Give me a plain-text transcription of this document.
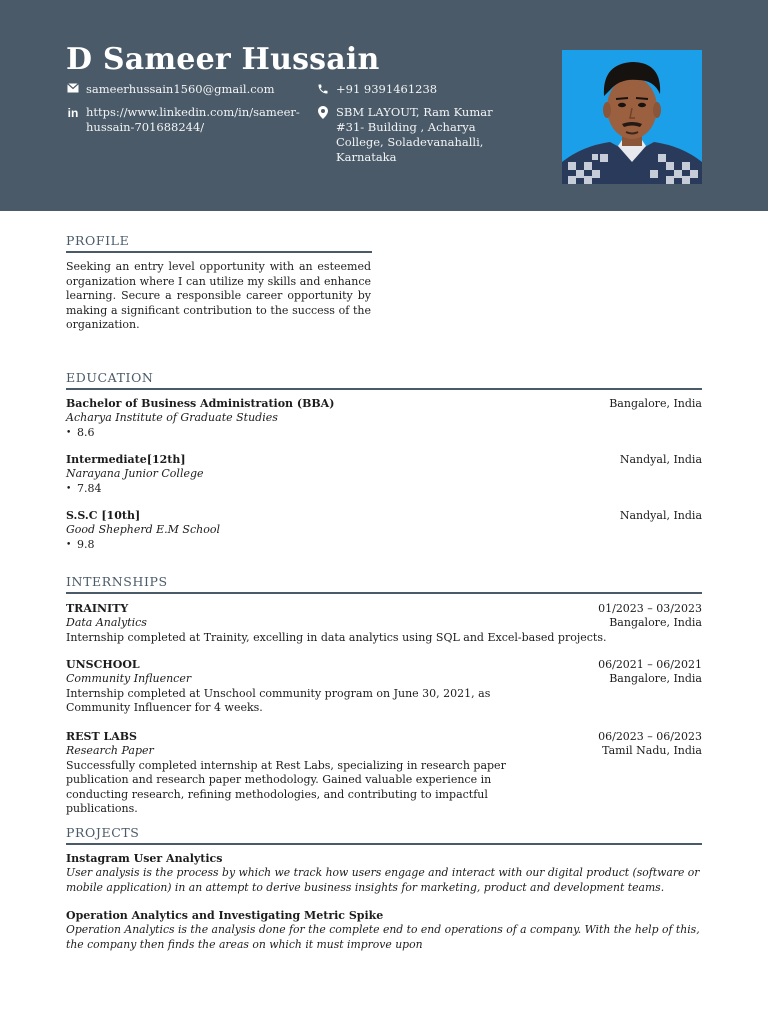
D Sameer Hussain
sameerhussain1560@gmail.com	+91 9391461238
in https://www.linkedin.com/in/sameer-hussain-701688244/
SBM LAYOUT, Ram Kumar #31- Building , Acharya College, Soladevanahalli, Karnataka
PROFILE
Seeking an entry level opportunity with an esteemed organization where I can utilize my skills and enhance learning. Secure a responsible career opportunity by making a significant contribution to the success of the organization.
EDUCATION
Bachelor of Business Administration (BBA)	Bangalore, India
Acharya Institute of Graduate Studies
• 8.6
Intermediate[12th]	Nandyal, India
Narayana Junior College
• 7.84
S.S.C [10th]	Nandyal, India
Good Shepherd E.M School
• 9.8
INTERNSHIPS
TRAINITY	01/2023 – 03/2023
Data Analytics	Bangalore, India
Internship completed at Trainity, excelling in data analytics using SQL and Excel-based projects.
UNSCHOOL	06/2021 – 06/2021
Community Influencer	Bangalore, India
Internship completed at Unschool community program on June 30, 2021, as Community Influencer for 4 weeks.
REST LABS	06/2023 – 06/2023
Research Paper	Tamil Nadu, India
Successfully completed internship at Rest Labs, specializing in research paper publication and research paper methodology. Gained valuable experience in conducting research, refining methodologies, and contributing to impactful publications.
PROJECTS
Instagram User Analytics
User analysis is the process by which we track how users engage and interact with our digital product (software or mobile application) in an attempt to derive business insights for marketing, product and development teams.
Operation Analytics and Investigating Metric Spike
Operation Analytics is the analysis done for the complete end to end operations of a company. With the help of this, the company then finds the areas on which it must improve upon
